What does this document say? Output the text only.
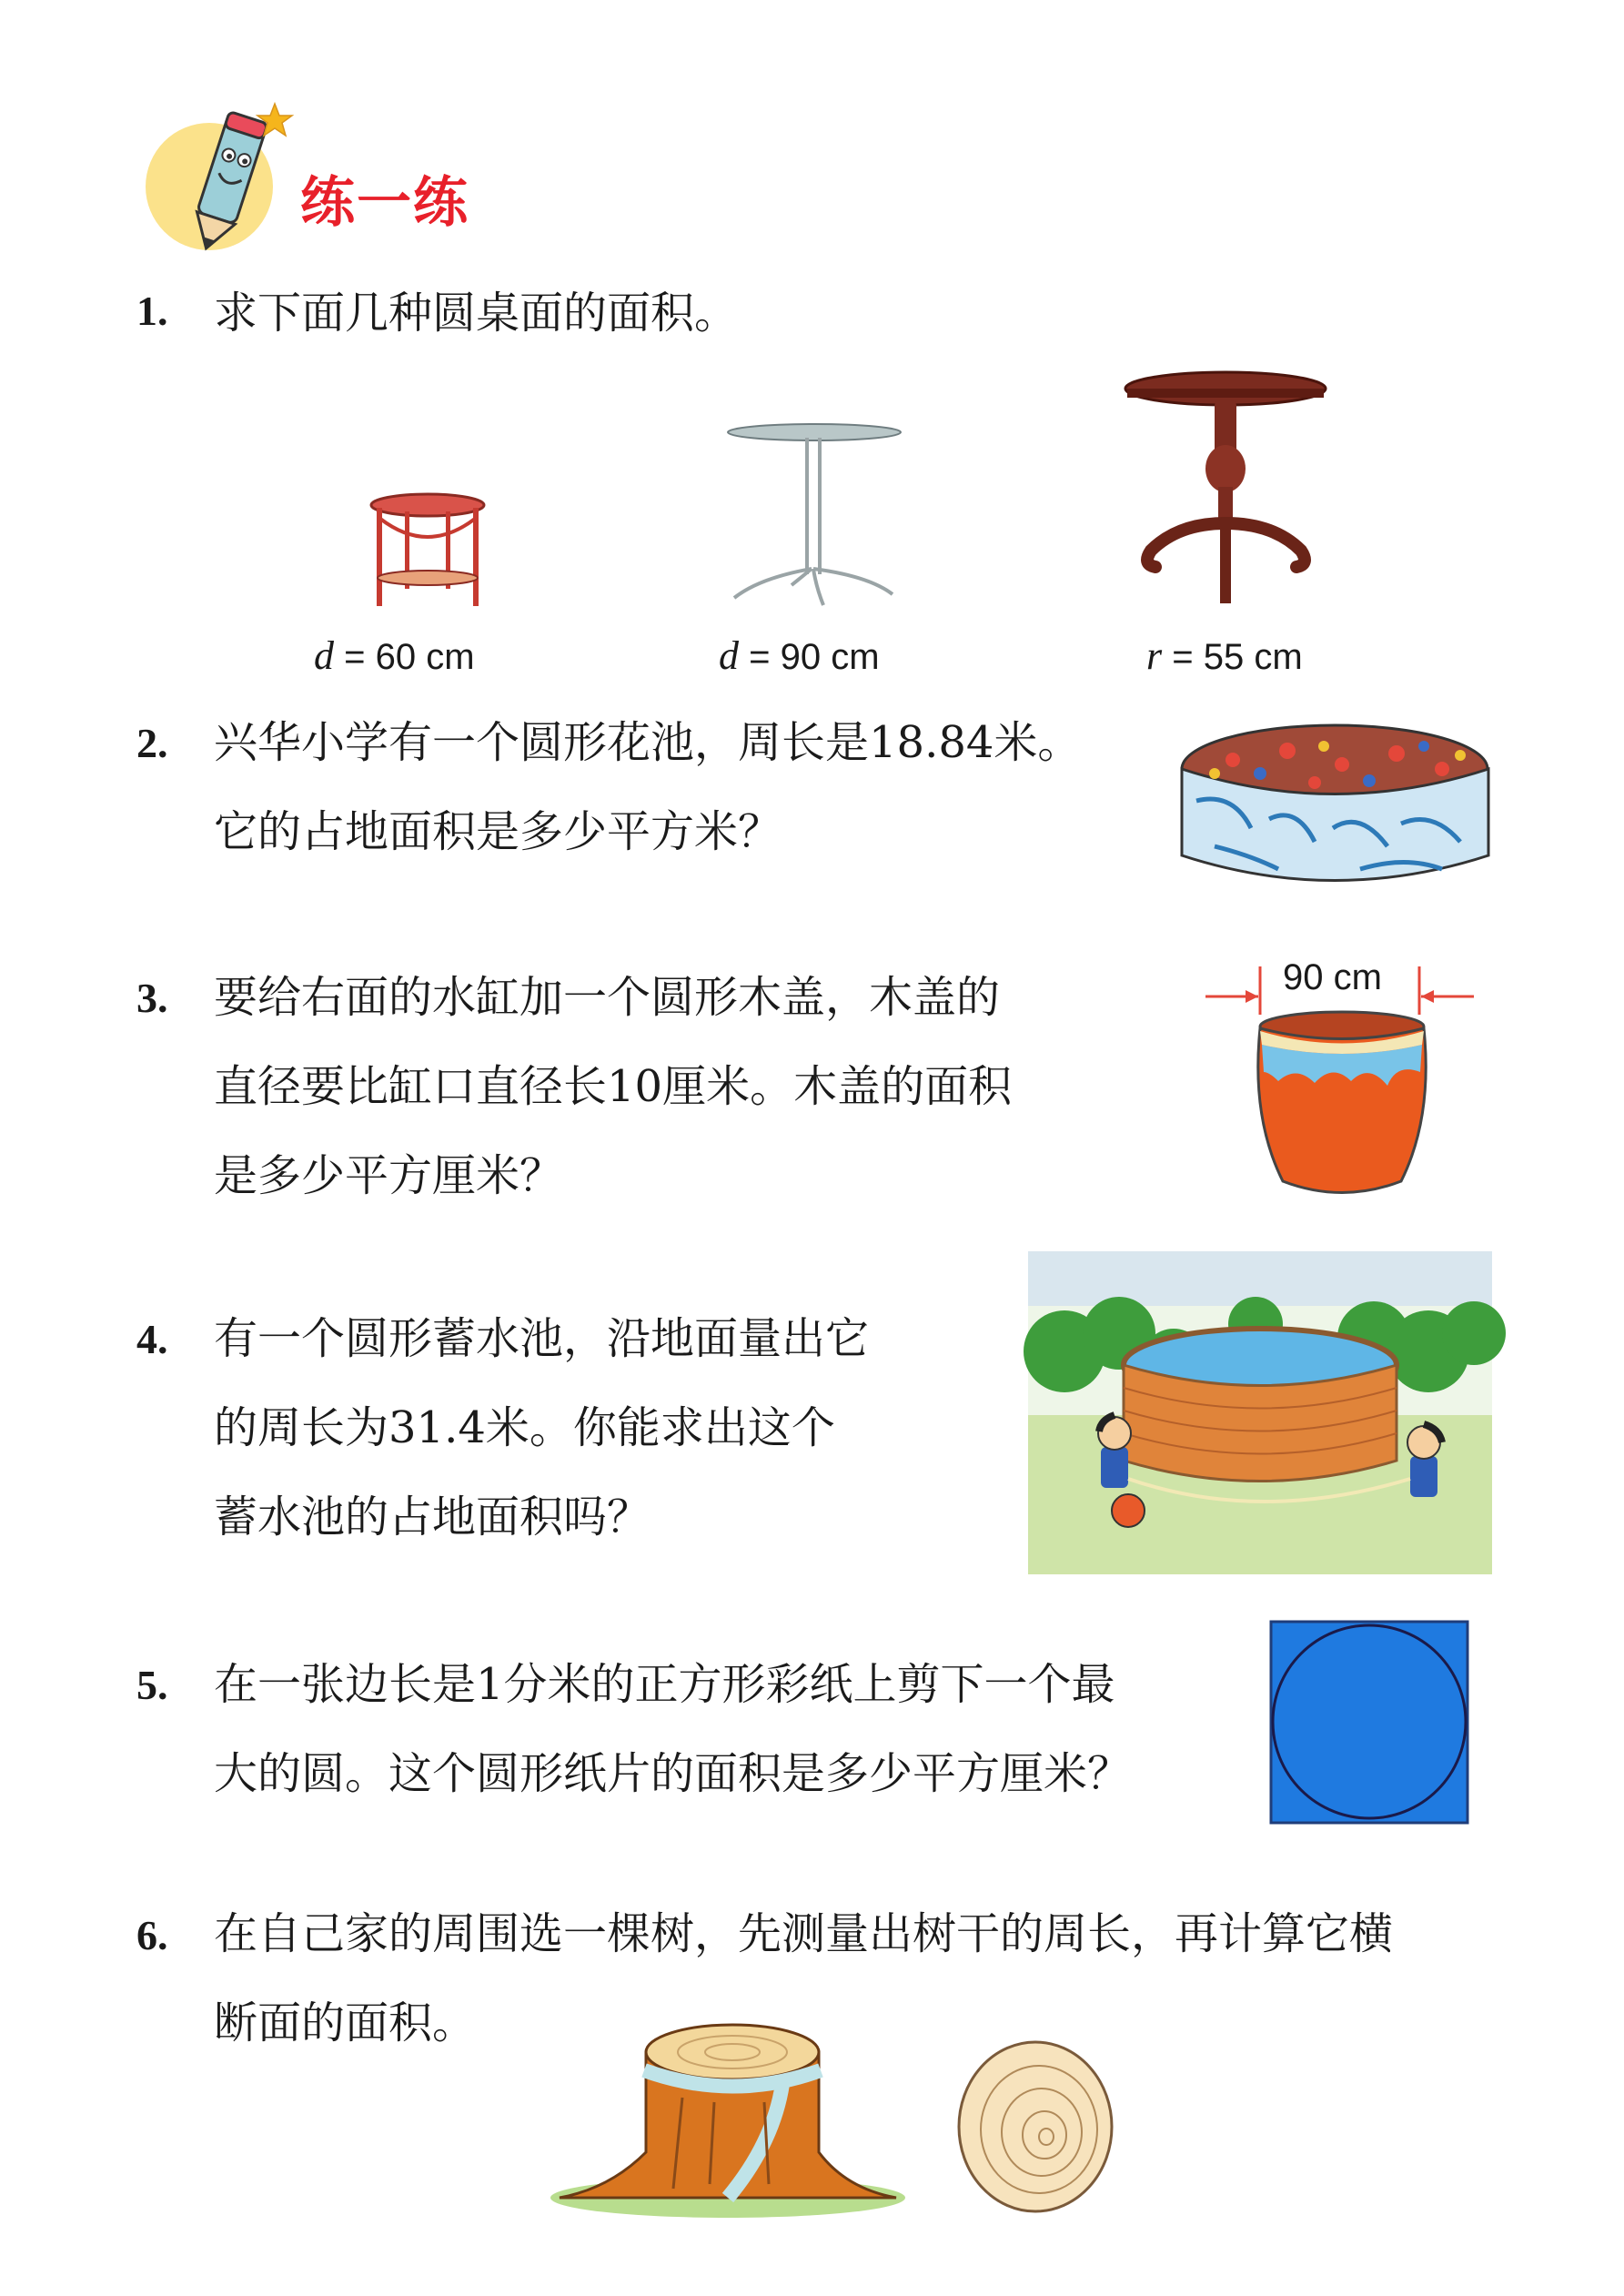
练一练
1. 求下面几种圆桌面的面积。
d = 60 cm	d = 90 cm	r = 55 cm
2. 兴华小学有一个圆形花池，周长是18.84米。
它的占地面积是多少平方米？
3. 要给右面的水缸加一个圆形木盖，木盖的
直径要比缸口直径长10厘米。木盖的面积
是多少平方厘米？
90 cm
4. 有一个圆形蓄水池，沿地面量出它
的周长为31.4米。你能求出这个
蓄水池的占地面积吗？
5. 在一张边长是1分米的正方形彩纸上剪下一个最
大的圆。这个圆形纸片的面积是多少平方厘米？
6. 在自己家的周围选一棵树，先测量出树干的周长，再计算它横
断面的面积。
